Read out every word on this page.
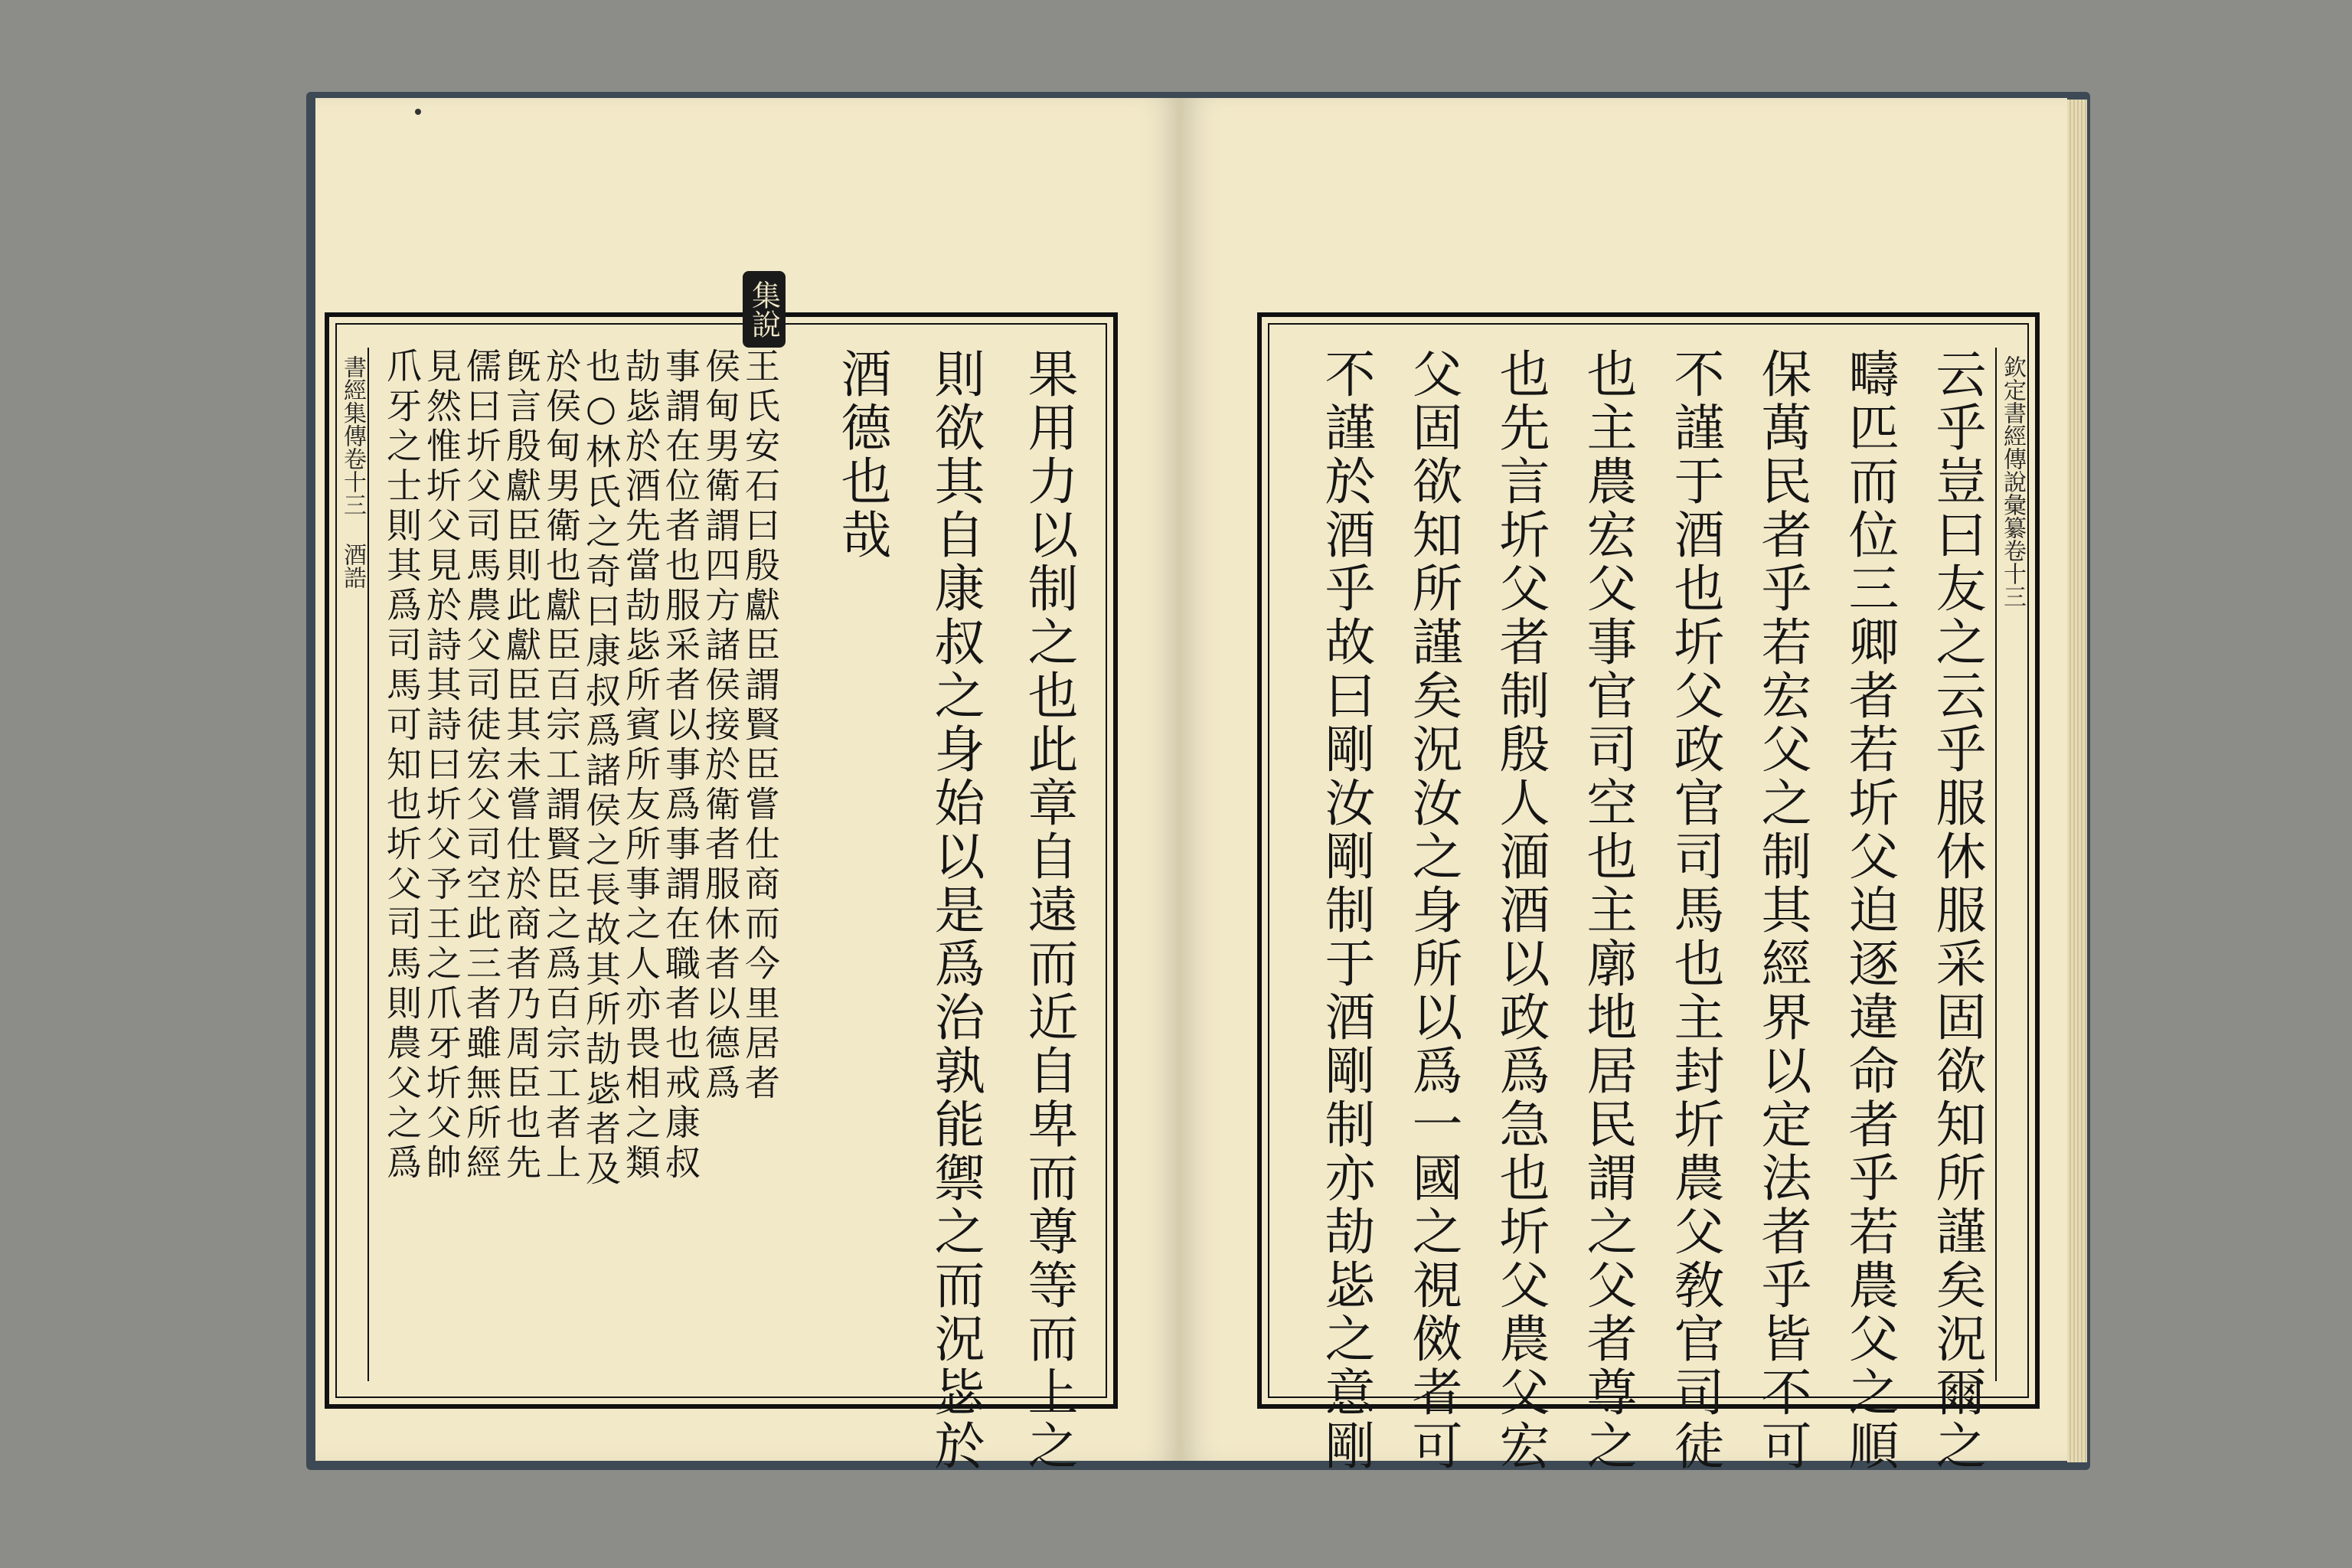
書經集傳卷十三 酒誥	王氏安石曰殷獻臣謂賢臣嘗仕商而今里居者
侯甸男衛謂四方諸侯接於衛者服休者以德爲
事謂在位者也服采者以事爲事謂在職者也戒康叔
劼毖於酒先當劼毖所賓所友所事之人亦畏相之類
也○林氏之奇曰康叔爲諸侯之長故其所劼毖者及
於侯甸男衛也獻臣百宗工謂賢臣之爲百宗工者上
旣言殷獻臣則此獻臣其未嘗仕於商者乃周臣也先
儒曰圻父司馬農父司徒宏父司空此三者雖無所經
見然惟圻父見於詩其詩曰圻父予王之爪牙圻父帥
爪牙之士則其爲司馬可知也圻父司馬則農父之爲
集說
果用力以制之也此章自遠而近自卑而尊等而上之
則欲其自康叔之身始以是爲治孰能禦之而況毖於
酒德也哉	欽定書經傳說彙纂卷十三
云乎豈曰友之云乎服休服采固欲知所謹矣況爾之
疇匹而位三卿者若圻父迫逐違命者乎若農父之順
保萬民者乎若宏父之制其經界以定法者乎皆不可
不謹于酒也圻父政官司馬也主封圻農父敎官司徒
也主農宏父事官司空也主廓地居民謂之父者尊之
也先言圻父者制殷人湎酒以政爲急也圻父農父宏
父固欲知所謹矣況汝之身所以爲一國之視傚者可
不謹於酒乎故曰剛汝剛制于酒剛制亦劼毖之意剛
